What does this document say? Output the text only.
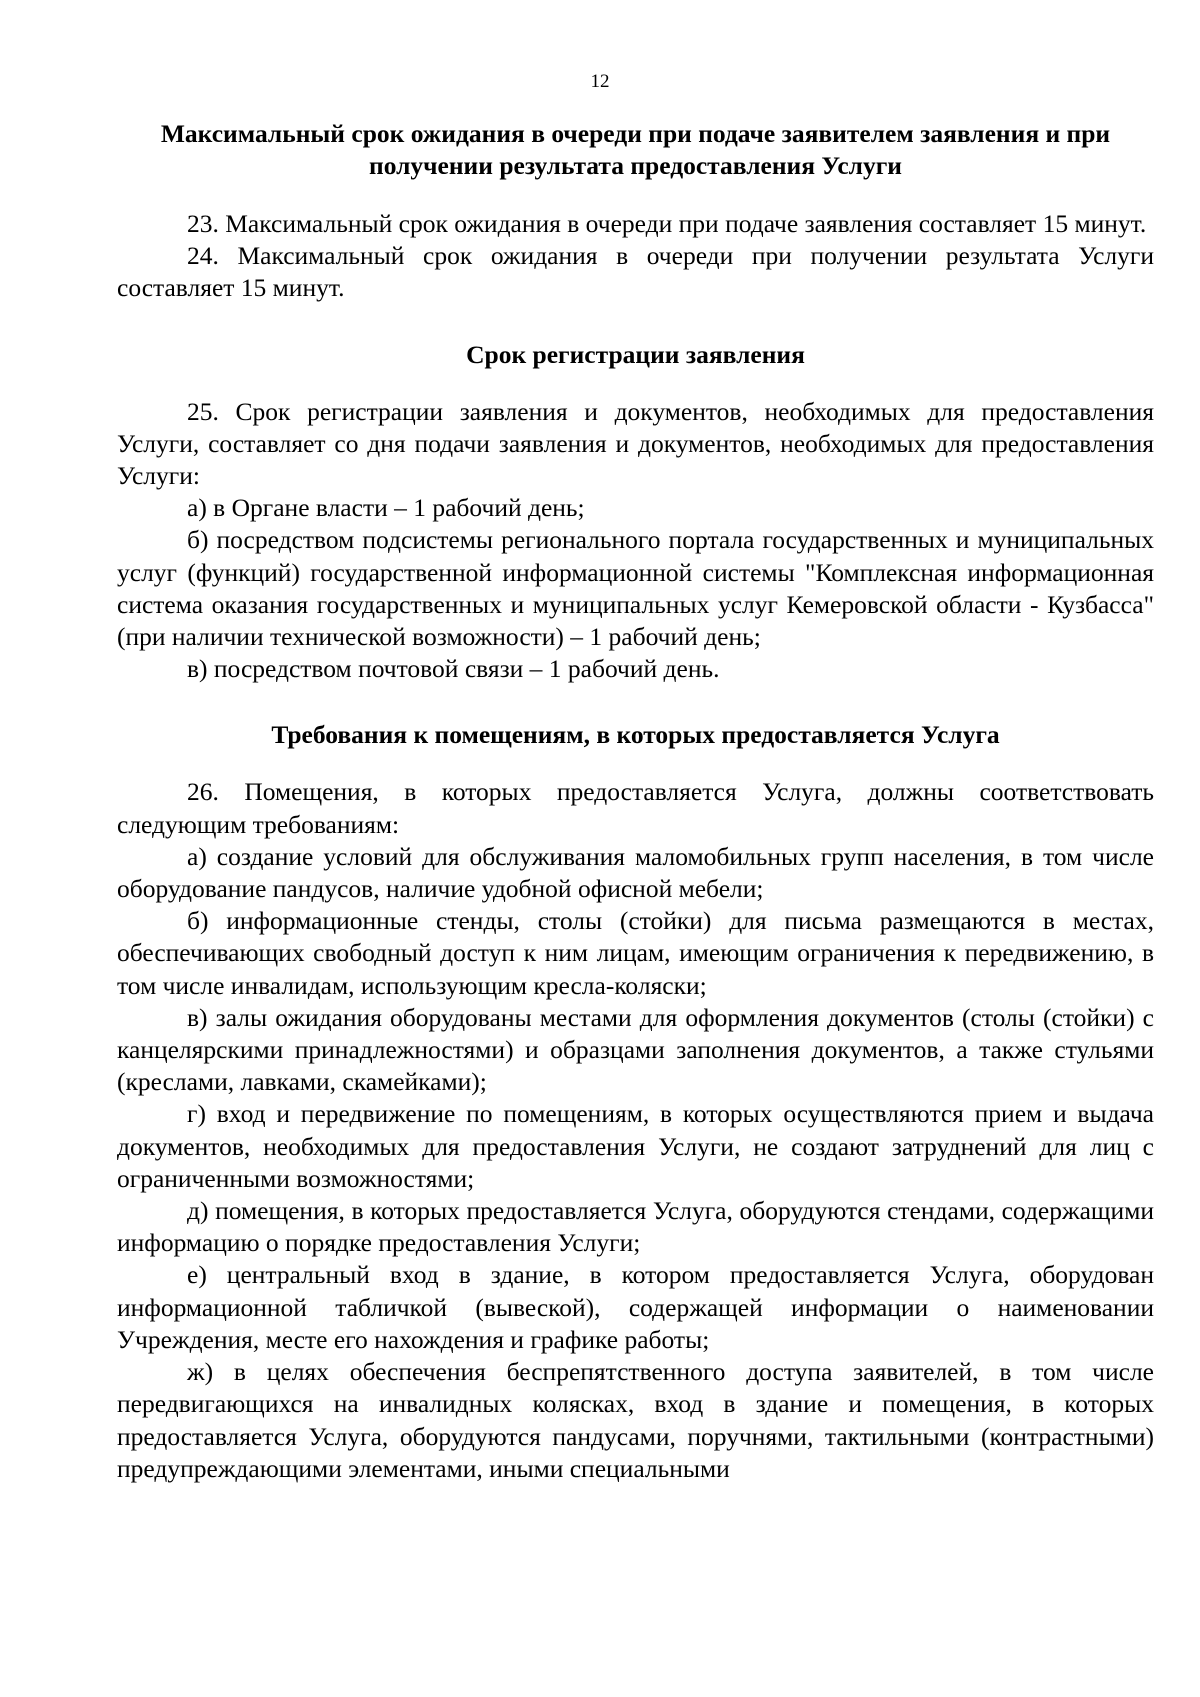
12
Максимальный срок ожидания в очереди при подаче заявителем заявления и при получении результата предоставления Услуги

23. Максимальный срок ожидания в очереди при подаче заявления составляет 15 минут.

24. Максимальный срок ожидания в очереди при получении результата Услуги составляет 15 минут.

Срок регистрации заявления

25. Срок регистрации заявления и документов, необходимых для предоставления Услуги, составляет со дня подачи заявления и документов, необходимых для предоставления Услуги:

а) в Органе власти – 1 рабочий день;

б) посредством подсистемы регионального портала государственных и муниципальных услуг (функций) государственной информационной системы "Комплексная информационная система оказания государственных и муниципальных услуг Кемеровской области - Кузбасса" (при наличии технической возможности) – 1 рабочий день;

в) посредством почтовой связи – 1 рабочий день.

Требования к помещениям, в которых предоставляется Услуга

26. Помещения, в которых предоставляется Услуга, должны соответствовать следующим требованиям:

а) создание условий для обслуживания маломобильных групп населения, в том числе оборудование пандусов, наличие удобной офисной мебели;

б) информационные стенды, столы (стойки) для письма размещаются в местах, обеспечивающих свободный доступ к ним лицам, имеющим ограничения к передвижению, в том числе инвалидам, использующим кресла-коляски;

в) залы ожидания оборудованы местами для оформления документов (столы (стойки) с канцелярскими принадлежностями) и образцами заполнения документов, а также стульями (креслами, лавками, скамейками);

г) вход и передвижение по помещениям, в которых осуществляются прием и выдача документов, необходимых для предоставления Услуги, не создают затруднений для лиц с ограниченными возможностями;

д) помещения, в которых предоставляется Услуга, оборудуются стендами, содержащими информацию о порядке предоставления Услуги;

е) центральный вход в здание, в котором предоставляется Услуга, оборудован информационной табличкой (вывеской), содержащей информации о наименовании Учреждения, месте его нахождения и графике работы;

ж) в целях обеспечения беспрепятственного доступа заявителей, в том числе передвигающихся на инвалидных колясках, вход в здание и помещения, в которых предоставляется Услуга, оборудуются пандусами, поручнями, тактильными (контрастными) предупреждающими элементами, иными специальными
